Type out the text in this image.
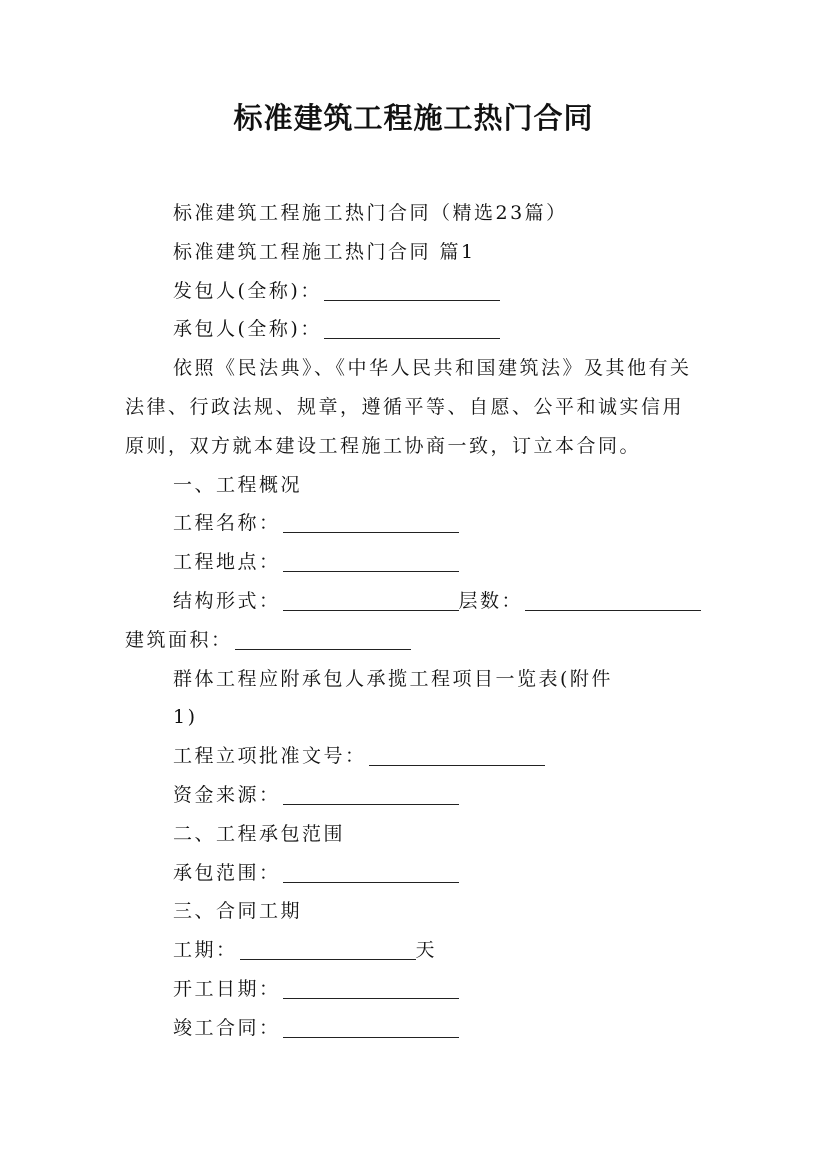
标准建筑工程施工热门合同

标准建筑工程施工热门合同（精选23篇）

标准建筑工程施工热门合同 篇1

发包人(全称)：

承包人(全称)：

依照《民法典》、《中华人民共和国建筑法》及其他有关法律、行政法规、规章，遵循平等、自愿、公平和诚实信用原则，双方就本建设工程施工协商一致，订立本合同。

一、工程概况

工程名称：

工程地点：

结构形式：	层数：建筑面积：

群体工程应附承包人承揽工程项目一览表(附件

1)

工程立项批准文号：

资金来源：

二、工程承包范围

承包范围：

三、合同工期

工期：	天

开工日期：

竣工合同：
